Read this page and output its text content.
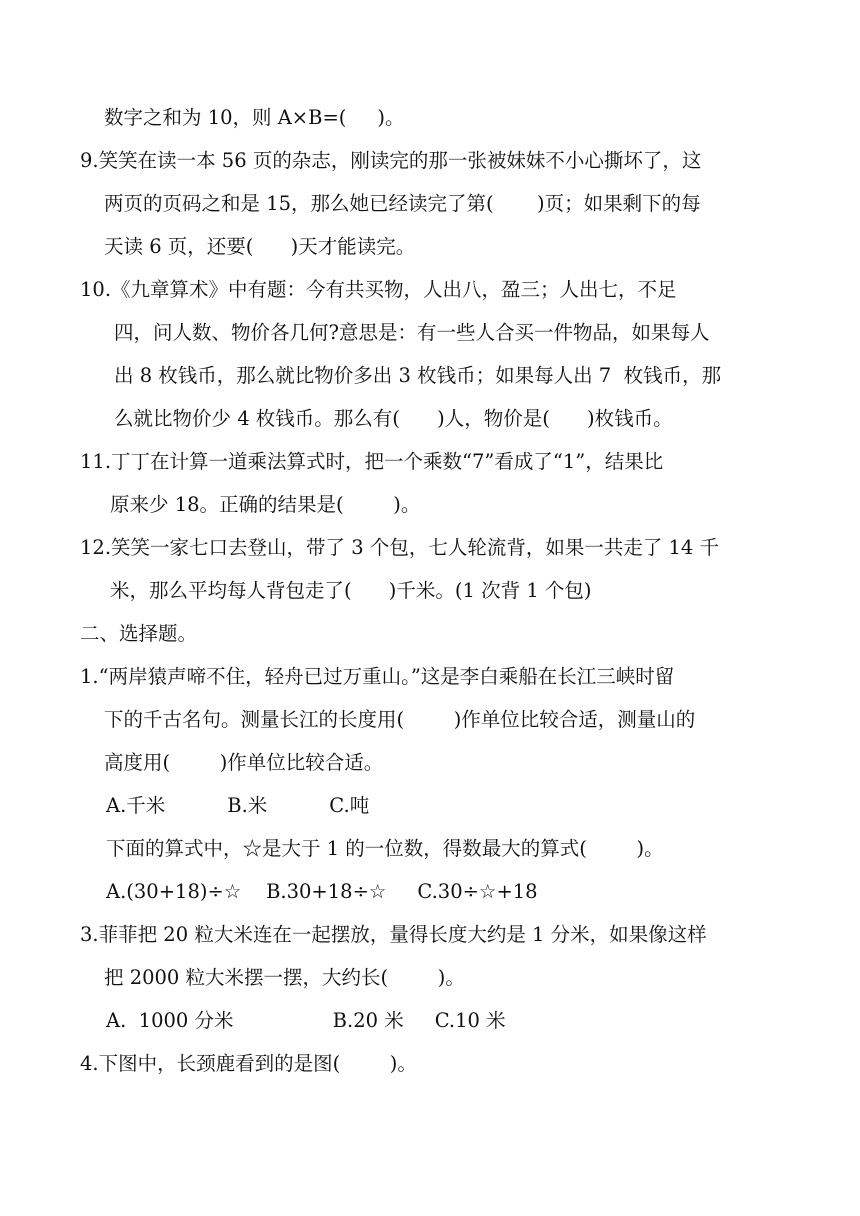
数字之和为 10，则 A×B=(     )。
9.笑笑在读一本 56 页的杂志，刚读完的那一张被妹妹不小心撕坏了，这
两页的页码之和是 15，那么她已经读完了第(       )页；如果剩下的每
天读 6 页，还要(      )天才能读完。
10.《九章算术》中有题：今有共买物，人出八，盈三；人出七，不足
四，问人数、物价各几何?意思是：有一些人合买一件物品，如果每人
出 8 枚钱币，那么就比物价多出 3 枚钱币；如果每人出 7  枚钱币，那
么就比物价少 4 枚钱币。那么有(      )人，物价是(      )枚钱币。
11.丁丁在计算一道乘法算式时，把一个乘数“7”看成了“1”，结果比
原来少 18。正确的结果是(        )。
12.笑笑一家七口去登山，带了 3 个包，七人轮流背，如果一共走了 14 千
米，那么平均每人背包走了(      )千米。(1 次背 1 个包)
二、选择题。
1.“两岸猿声啼不住，轻舟已过万重山。”这是李白乘船在长江三峡时留
下的千古名句。测量长江的长度用(        )作单位比较合适，测量山的
高度用(        )作单位比较合适。
A.千米          B.米          C.吨
下面的算式中，☆是大于 1 的一位数，得数最大的算式(        )。
A.(30+18)÷☆    B.30+18÷☆     C.30÷☆+18
3.菲菲把 20 粒大米连在一起摆放，量得长度大约是 1 分米，如果像这样
把 2000 粒大米摆一摆，大约长(        )。
A.  1000 分米                B.20 米     C.10 米
4.下图中，长颈鹿看到的是图(        )。
